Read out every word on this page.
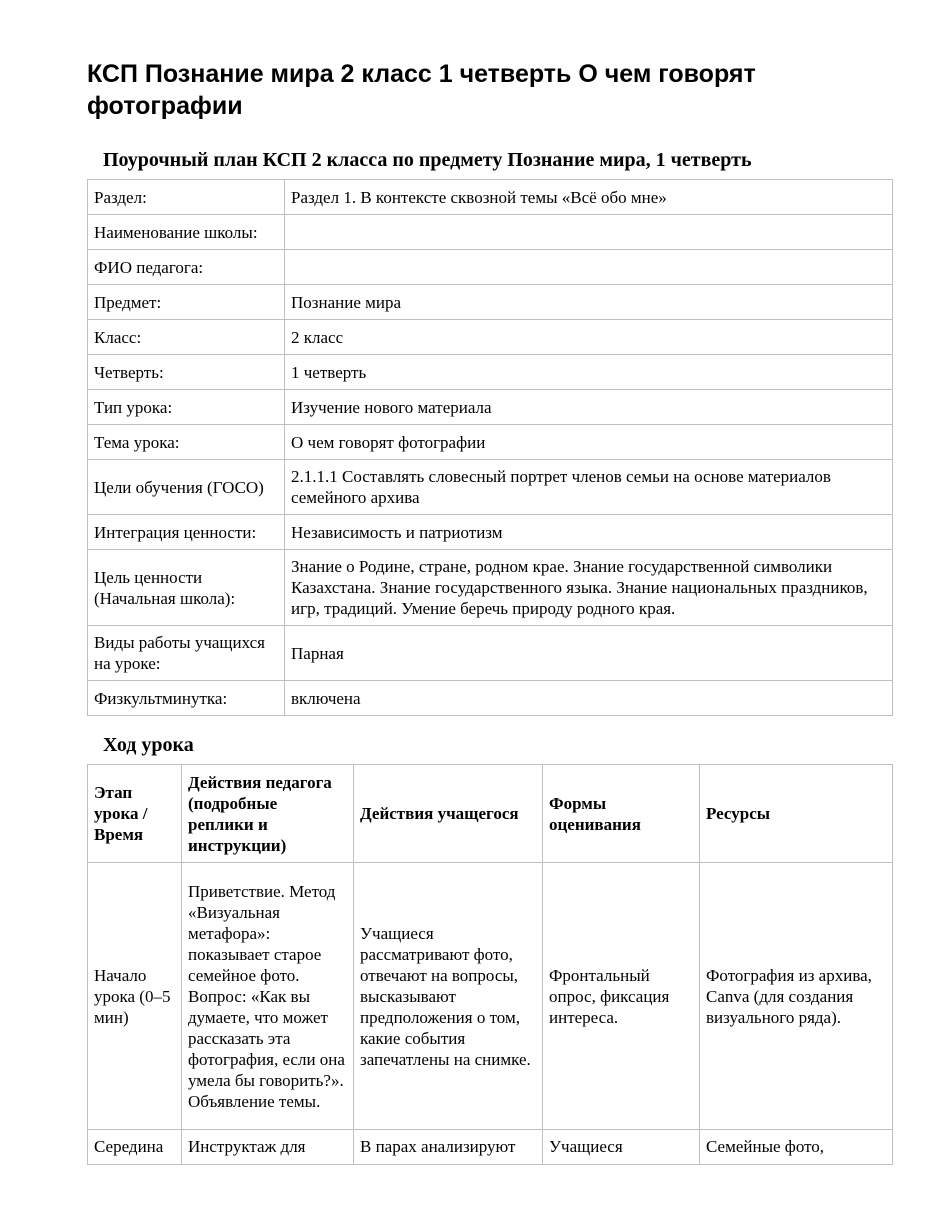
КСП Познание мира 2 класс 1 четверть О чем говорят фотографии
Поурочный план КСП 2 класса по предмету Познание мира, 1 четверть
Раздел:	Раздел 1. В контексте сквозной темы «Всё обо мне»
Наименование школы:	
ФИО педагога:	
Предмет:	Познание мира
Класс:	2 класс
Четверть:	1 четверть
Тип урока:	Изучение нового материала
Тема урока:	О чем говорят фотографии
Цели обучения (ГОСО)	2.1.1.1 Составлять словесный портрет членов семьи на основе материалов семейного архива
Интеграция ценности:	Независимость и патриотизм
Цель ценности (Начальная школа):	Знание о Родине, стране, родном крае. Знание государственной символики Казахстана. Знание государственного языка. Знание национальных праздников, игр, традиций. Умение беречь природу родного края.
Виды работы учащихся на уроке:	Парная
Физкультминутка:	включена
Ход урока
Этап урока / Время	Действия педагога (подробные реплики и инструкции)	Действия учащегося	Формы оценивания	Ресурсы
Начало урока (0–5 мин)	Приветствие. Метод «Визуальная метафора»: показывает старое семейное фото. Вопрос: «Как вы думаете, что может рассказать эта фотография, если она умела бы говорить?». Объявление темы.	Учащиеся рассматривают фото, отвечают на вопросы, высказывают предположения о том, какие события запечатлены на снимке.	Фронтальный опрос, фиксация интереса.	Фотография из архива, Canva (для создания визуального ряда).
Середина	Инструктаж для	В парах анализируют	Учащиеся	Семейные фото,
